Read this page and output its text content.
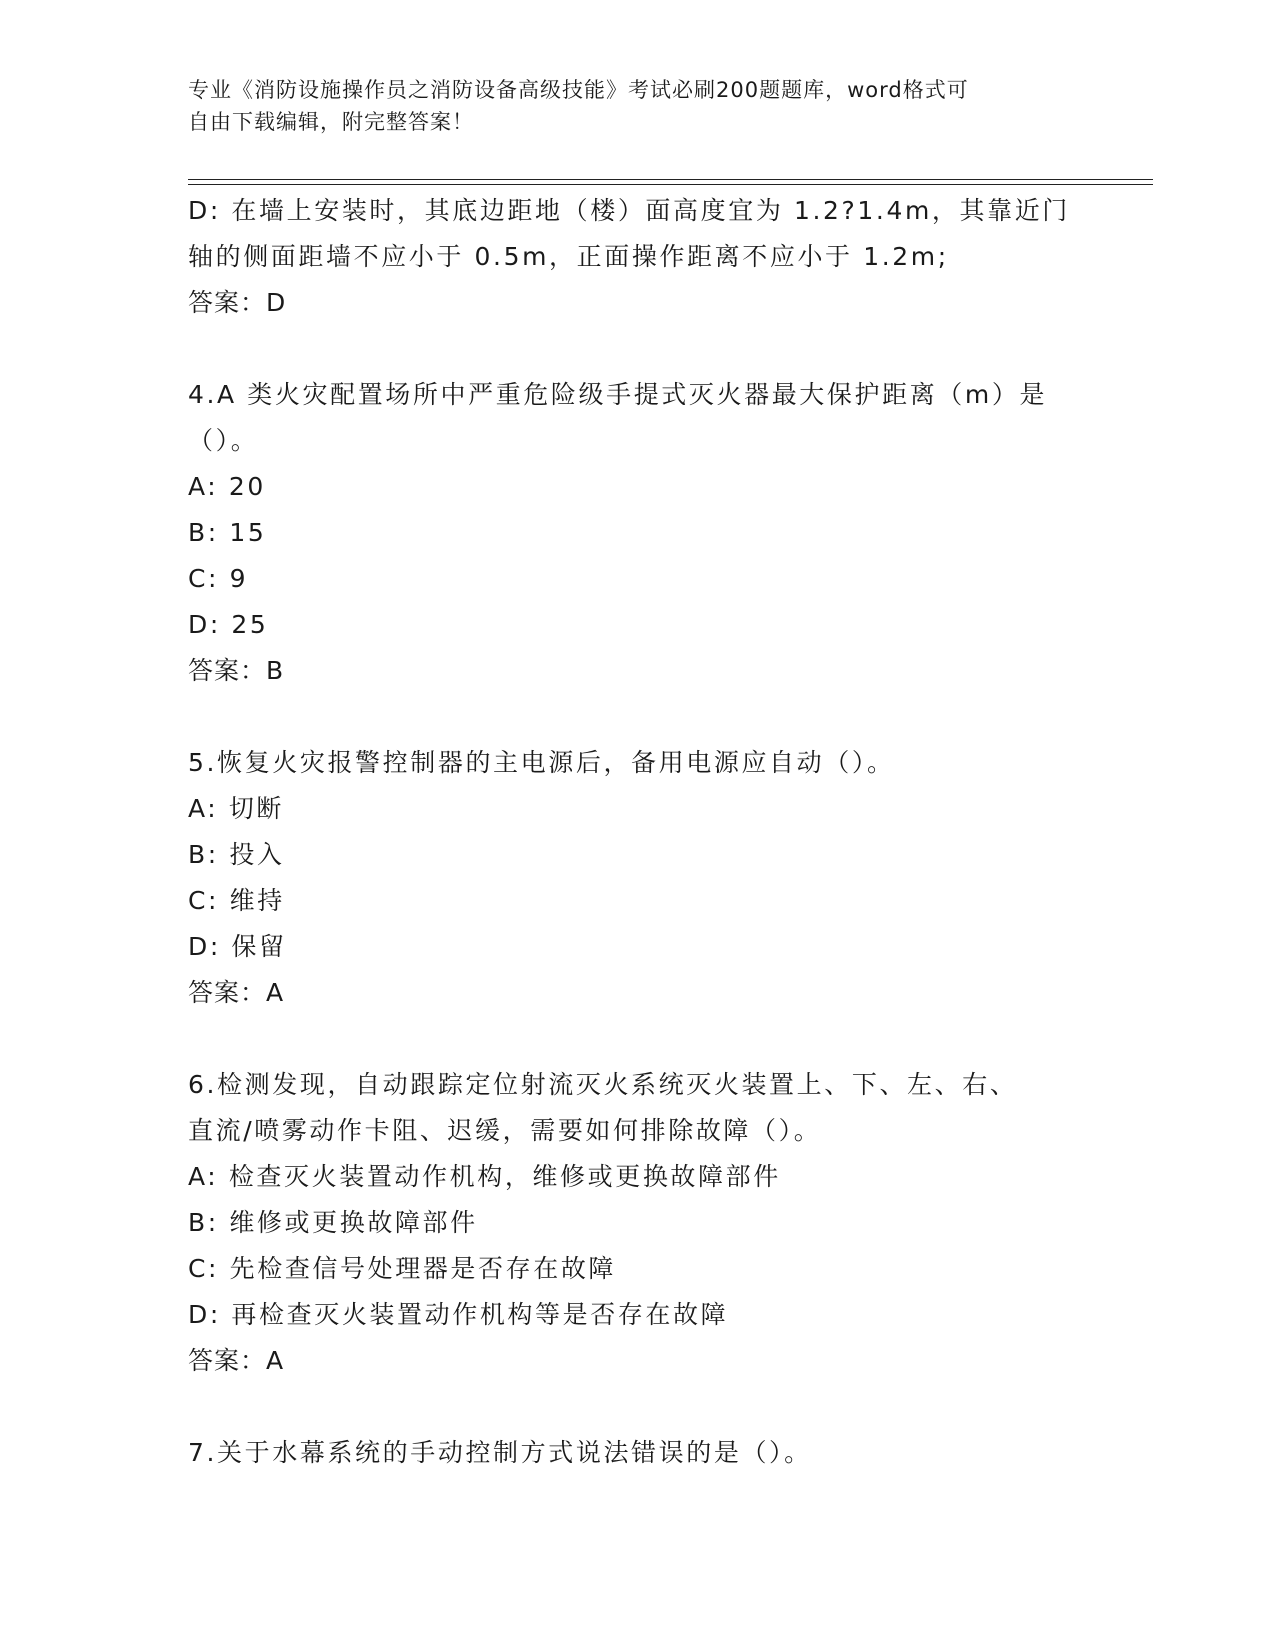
专业《消防设施操作员之消防设备高级技能》考试必刷200题题库，word格式可
自由下载编辑，附完整答案！
D: 在墙上安装时，其底边距地（楼）面高度宜为 1.2?1.4m，其靠近门
轴的侧面距墙不应小于 0.5m，正面操作距离不应小于 1.2m;
答案：D
4.A 类火灾配置场所中严重危险级手提式灭火器最大保护距离（m）是
（）。
A: 20
B: 15
C: 9
D: 25
答案：B
5.恢复火灾报警控制器的主电源后，备用电源应自动（）。
A: 切断
B: 投入
C: 维持
D: 保留
答案：A
6.检测发现，自动跟踪定位射流灭火系统灭火装置上、下、左、右、
直流/喷雾动作卡阻、迟缓，需要如何排除故障（）。
A: 检查灭火装置动作机构，维修或更换故障部件
B: 维修或更换故障部件
C: 先检查信号处理器是否存在故障
D: 再检查灭火装置动作机构等是否存在故障
答案：A
7.关于水幕系统的手动控制方式说法错误的是（）。
